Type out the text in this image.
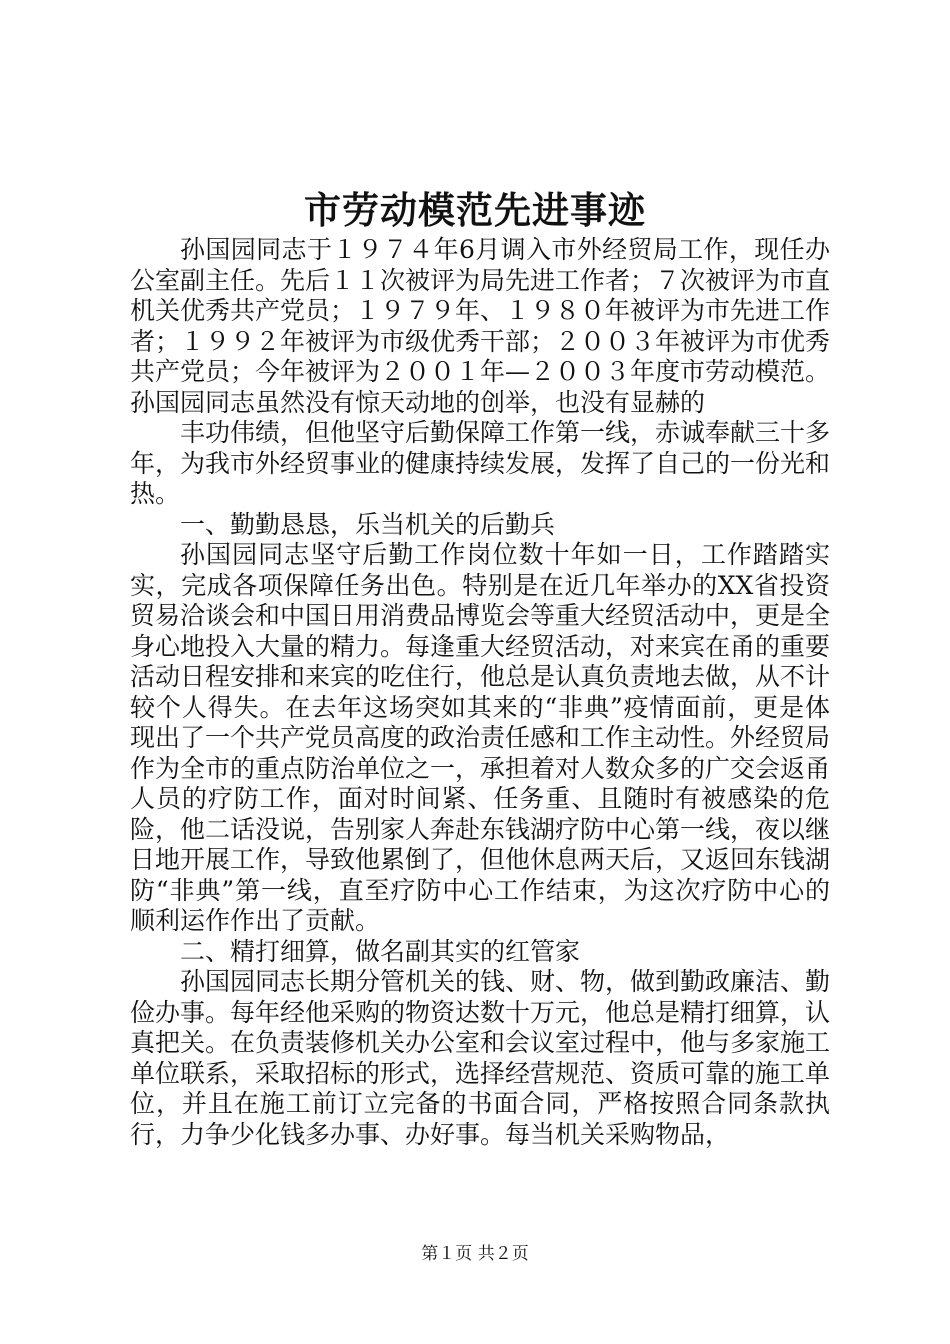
市劳动模范先进事迹

孙国园同志于１９７４年6月调入市外经贸局工作，现任办公室副主任。先后１１次被评为局先进工作者；７次被评为市直机关优秀共产党员；１９７９年、１９８０年被评为市先进工作者；１９９２年被评为市级优秀干部；２００３年被评为市优秀共产党员；今年被评为２００１年—２００３年度市劳动模范。孙国园同志虽然没有惊天动地的创举，也没有显赫的

丰功伟绩，但他坚守后勤保障工作第一线，赤诚奉献三十多年，为我市外经贸事业的健康持续发展，发挥了自己的一份光和热。

一、勤勤恳恳，乐当机关的后勤兵

孙国园同志坚守后勤工作岗位数十年如一日，工作踏踏实实，完成各项保障任务出色。特别是在近几年举办的XX省投资贸易洽谈会和中国日用消费品博览会等重大经贸活动中，更是全身心地投入大量的精力。每逢重大经贸活动，对来宾在甬的重要活动日程安排和来宾的吃住行，他总是认真负责地去做，从不计较个人得失。在去年这场突如其来的“非典”疫情面前，更是体现出了一个共产党员高度的政治责任感和工作主动性。外经贸局作为全市的重点防治单位之一，承担着对人数众多的广交会返甬人员的疗防工作，面对时间紧、任务重、且随时有被感染的危险，他二话没说，告别家人奔赴东钱湖疗防中心第一线，夜以继日地开展工作，导致他累倒了，但他休息两天后，又返回东钱湖防“非典”第一线，直至疗防中心工作结束，为这次疗防中心的顺利运作作出了贡献。

二、精打细算，做名副其实的红管家

孙国园同志长期分管机关的钱、财、物，做到勤政廉洁、勤俭办事。每年经他采购的物资达数十万元，他总是精打细算，认真把关。在负责装修机关办公室和会议室过程中，他与多家施工单位联系，采取招标的形式，选择经营规范、资质可靠的施工单位，并且在施工前订立完备的书面合同，严格按照合同条款执行，力争少化钱多办事、办好事。每当机关采购物品，

第１页 共２页
